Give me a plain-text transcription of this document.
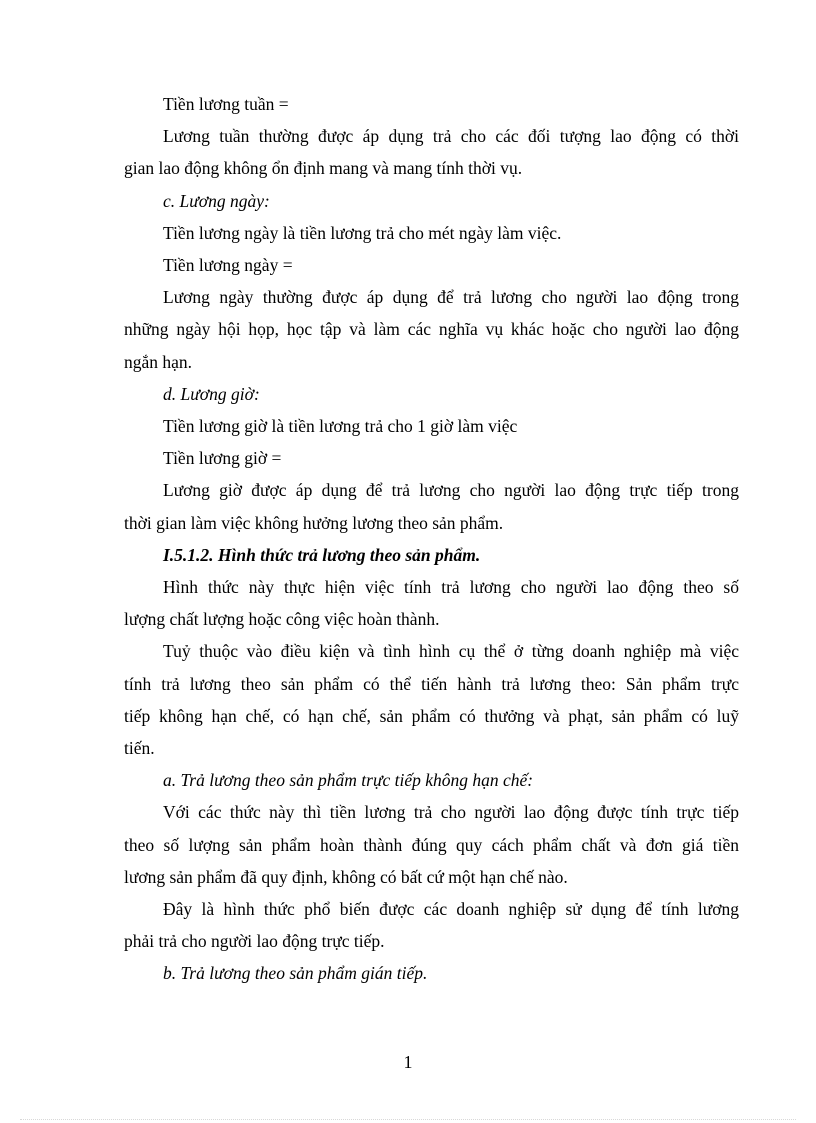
Tiền lương tuần =

Lương tuần thường được áp dụng trả cho các đối tượng lao động có thời
gian lao động không ổn định mang và mang tính thời vụ.

c. Lương ngày:

Tiền lương ngày là tiền lương trả cho mét ngày làm việc.

Tiền lương ngày =

Lương ngày thường được áp dụng để trả lương cho người lao động trong
những ngày hội họp, học tập và làm các nghĩa vụ khác hoặc cho người lao động
ngắn hạn.

d. Lương giờ:

Tiền lương giờ là tiền lương trả cho 1 giờ làm việc

Tiền lương giờ =

Lương giờ được áp dụng để trả lương cho người lao động trực tiếp trong
thời gian làm việc không hưởng lương theo sản phẩm.

I.5.1.2. Hình thức trả lương theo sản phẩm.

Hình thức này thực hiện việc tính trả lương cho người lao động theo số
lượng chất lượng hoặc công việc hoàn thành.
Tuỷ thuộc vào điều kiện và tình hình cụ thể ở từng doanh nghiệp mà việc
tính trả lương theo sản phẩm có thể tiến hành trả lương theo: Sản phẩm trực
tiếp không hạn chế, có hạn chế, sản phẩm có thưởng và phạt, sản phẩm có luỹ
tiến.

a. Trả lương theo sản phẩm trực tiếp không hạn chế:

Với các thức này thì tiền lương trả cho người lao động được tính trực tiếp
theo số lượng sản phẩm hoàn thành đúng quy cách phẩm chất và đơn giá tiền
lương sản phẩm đã quy định, không có bất cứ một hạn chế nào.
Đây là hình thức phổ biến được các doanh nghiệp sử dụng để tính lương
phải trả cho người lao động trực tiếp.

b. Trả lương theo sản phẩm gián tiếp.

1
